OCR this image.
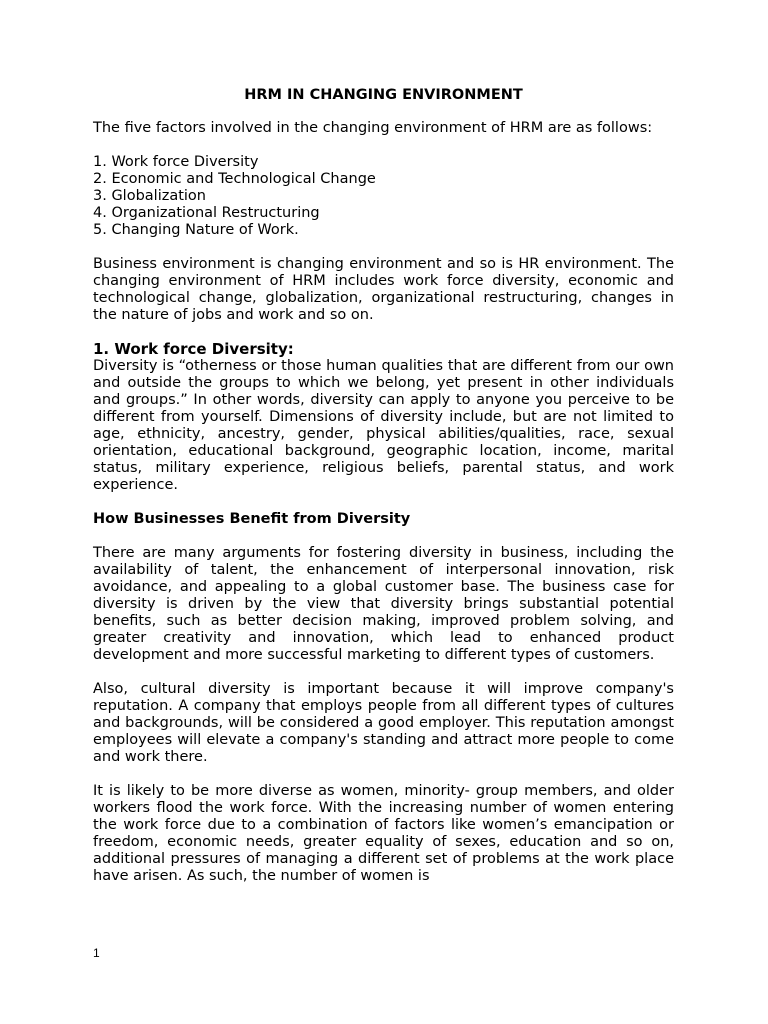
HRM IN CHANGING ENVIRONMENT

The five factors involved in the changing environment of HRM are as follows:

1. Work force Diversity
2. Economic and Technological Change
3. Globalization
4. Organizational Restructuring
5. Changing Nature of Work.

Business environment is changing environment and so is HR environment. The changing environment of HRM includes work force diversity, economic and technological change, globalization, organizational restructuring, changes in the nature of jobs and work and so on.

1. Work force Diversity:

Diversity is “otherness or those human qualities that are different from our own and outside the groups to which we belong, yet present in other individuals and groups.” In other words, diversity can apply to anyone you perceive to be different from yourself. Dimensions of diversity include, but are not limited to age, ethnicity, ancestry, gender, physical abilities/qualities, race, sexual orientation, educational background, geographic location, income, marital status, military experience, religious beliefs, parental status, and work experience.

How Businesses Benefit from Diversity

There are many arguments for fostering diversity in business, including the availability of talent, the enhancement of interpersonal innovation, risk avoidance, and appealing to a global customer base. The business case for diversity is driven by the view that diversity brings substantial potential benefits, such as better decision making, improved problem solving, and greater creativity and innovation, which lead to enhanced product development and more successful marketing to different types of customers.

Also, cultural diversity is important because it will improve company's reputation. A company that employs people from all different types of cultures and backgrounds, will be considered a good employer. This reputation amongst employees will elevate a company's standing and attract more people to come and work there.

It is likely to be more diverse as women, minority- group members, and older workers flood the work force. With the increasing number of women entering the work force due to a combination of factors like women’s emancipation or freedom, economic needs, greater equality of sexes, education and so on, additional pressures of managing a different set of problems at the work place have arisen. As such, the number of women is

1
